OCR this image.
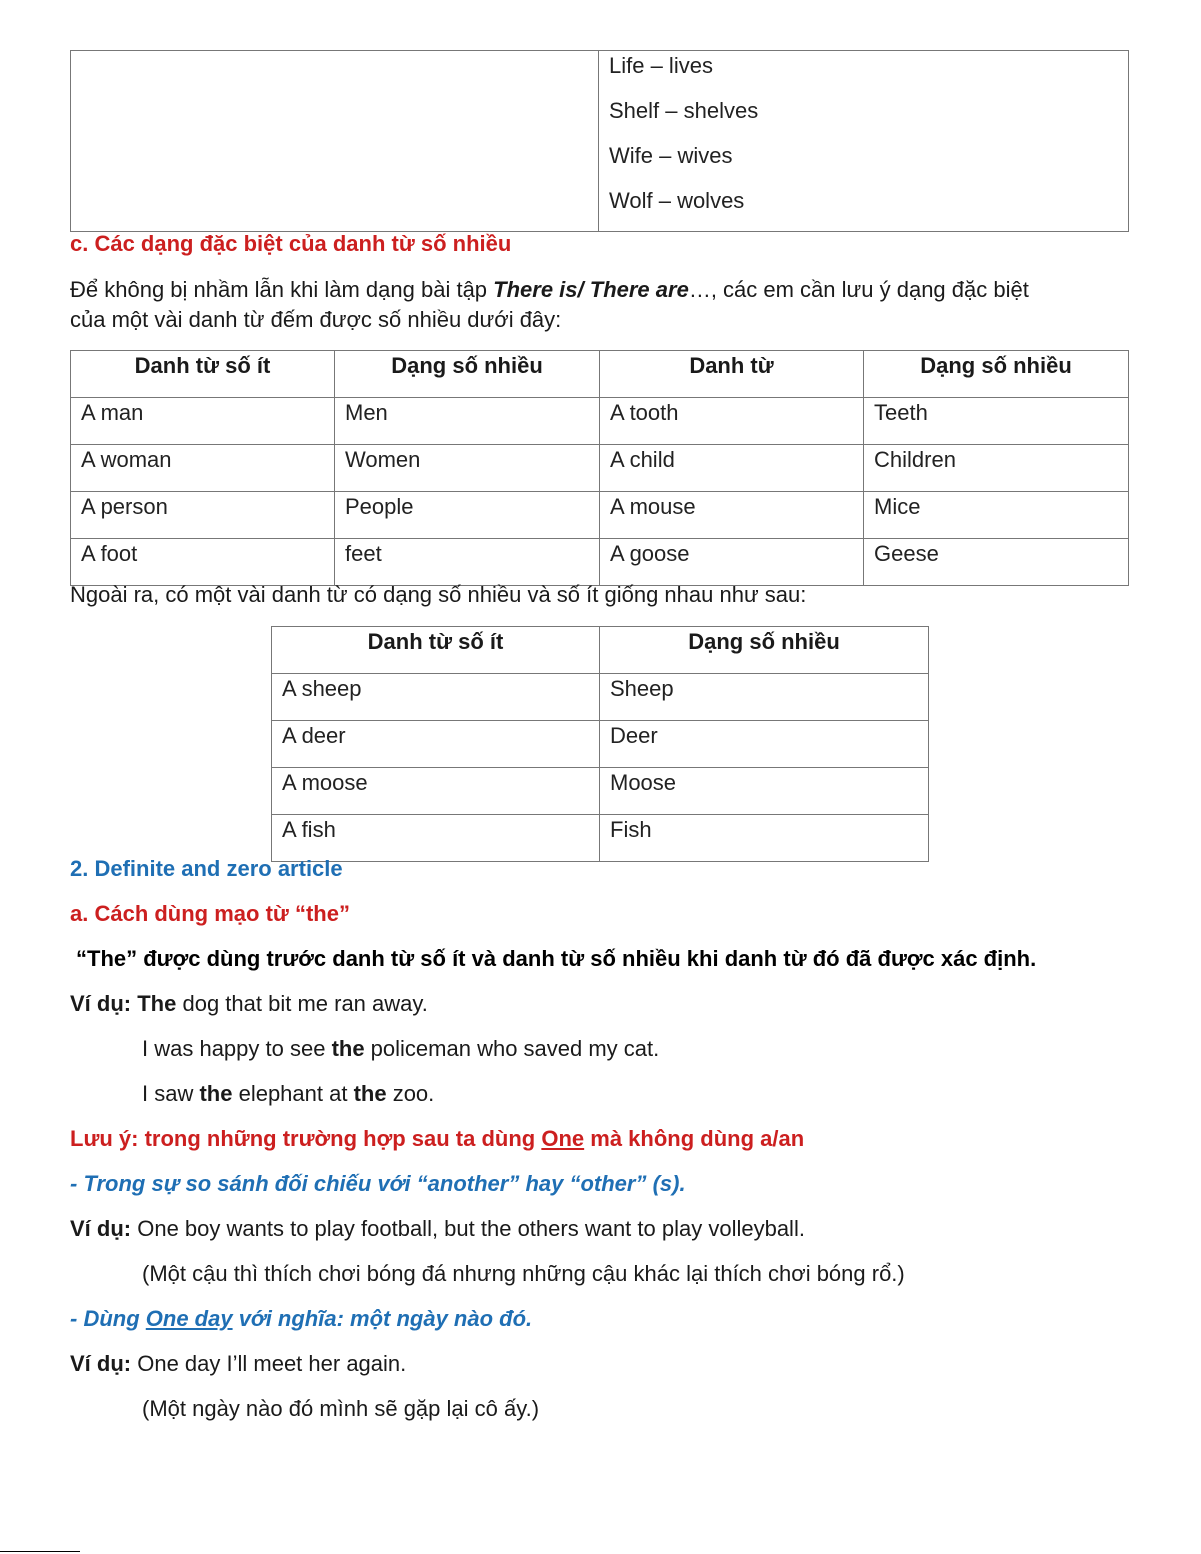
Life – lives
Shelf – shelves
Wife – wives
Wolf – wolves
c. Các dạng đặc biệt của danh từ số nhiều
Để không bị nhầm lẫn khi làm dạng bài tập There is/ There are…, các em cần lưu ý dạng đặc biệt
của một vài danh từ đếm được số nhiều dưới đây:
Danh từ số ít	Dạng số nhiều	Danh từ	Dạng số nhiều
A man	Men	A tooth	Teeth
A woman	Women	A child	Children
A person	People	A mouse	Mice
A foot	feet	A goose	Geese
Ngoài ra, có một vài danh từ có dạng số nhiều và số ít giống nhau như sau:
Danh từ số ít	Dạng số nhiều
A sheep	Sheep
A deer	Deer
A moose	Moose
A fish	Fish
2. Definite and zero article
a. Cách dùng mạo từ “the”
“The” được dùng trước danh từ số ít và danh từ số nhiều khi danh từ đó đã được xác định.
Ví dụ: The dog that bit me ran away.
I was happy to see the policeman who saved my cat.
I saw the elephant at the zoo.
Lưu ý: trong những trường hợp sau ta dùng One mà không dùng a/an
- Trong sự so sánh đối chiếu với “another” hay “other” (s).
Ví dụ: One boy wants to play football, but the others want to play volleyball.
(Một cậu thì thích chơi bóng đá nhưng những cậu khác lại thích chơi bóng rổ.)
- Dùng One day với nghĩa: một ngày nào đó.
Ví dụ: One day I’ll meet her again.
(Một ngày nào đó mình sẽ gặp lại cô ấy.)
